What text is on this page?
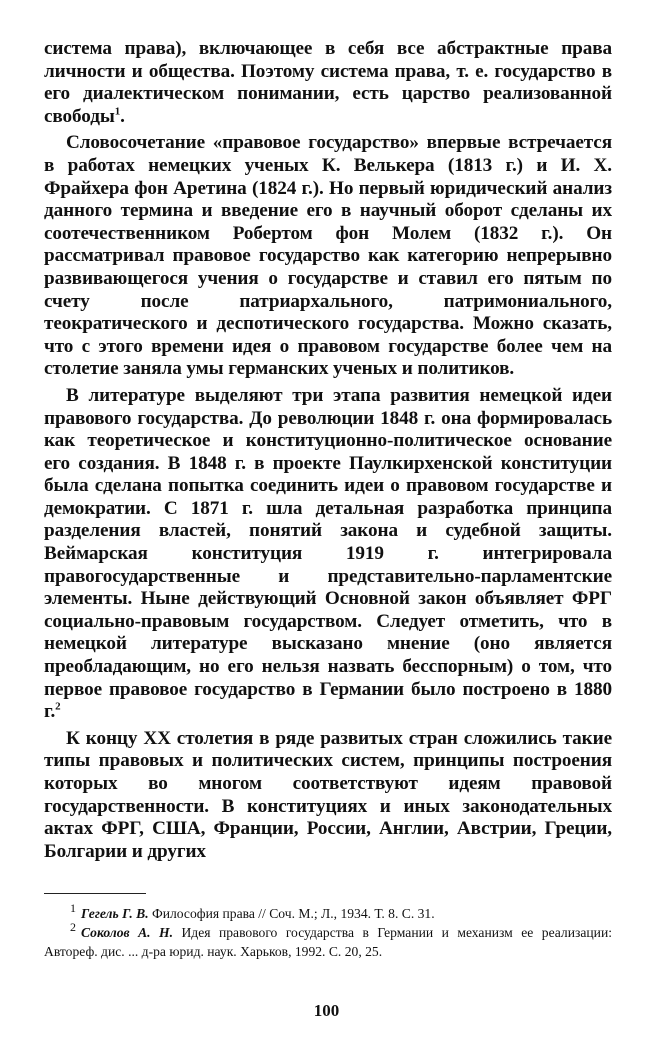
система права), включающее в себя все абстрактные права личности и общества. Поэтому система права, т. е. государство в его диалектическом понимании, есть царство реализованной свободы$^1$.

Словосочетание «правовое государство» впервые встречается в работах немецких ученых К. Велькера (1813 г.) и И. Х. Фрайхера фон Аретина (1824 г.). Но первый юридический анализ данного термина и введение его в научный оборот сделаны их соотечественником Робертом фон Молем (1832 г.). Он рассматривал правовое государство как категорию непрерывно развивающегося учения о государстве и ставил его пятым по счету после патриархального, патримониального, теократического и деспотического государства. Можно сказать, что с этого времени идея о правовом государстве более чем на столетие заняла умы германских ученых и политиков.

В литературе выделяют три этапа развития немецкой идеи правового государства. До революции 1848 г. она формировалась как теоретическое и конституционно-политическое основание его создания. В 1848 г. в проекте Паулкирхенской конституции была сделана попытка соединить идеи о правовом государстве и демократии. С 1871 г. шла детальная разработка принципа разделения властей, понятий закона и судебной защиты. Веймарская конституция 1919 г. интегрировала правогосударственные и представительно-парламентские элементы. Ныне действующий Основной закон объявляет ФРГ социально-правовым государством. Следует отметить, что в немецкой литературе высказано мнение (оно является преобладающим, но его нельзя назвать бесспорным) о том, что первое правовое государство в Германии было построено в 1880 г.$^2$

К концу XX столетия в ряде развитых стран сложились такие типы правовых и политических систем, принципы построения которых во многом соответствуют идеям правовой государственности. В конституциях и иных законодательных актах ФРГ, США, Франции, России, Англии, Австрии, Греции, Болгарии и других

1 Гегель Г. В. Философия права // Соч. М.; Л., 1934. Т. 8. С. 31.

2 Соколов А. Н. Идея правового государства в Германии и механизм ее реализации: Автореф. дис. ... д-ра юрид. наук. Харьков, 1992. С. 20, 25.

100
